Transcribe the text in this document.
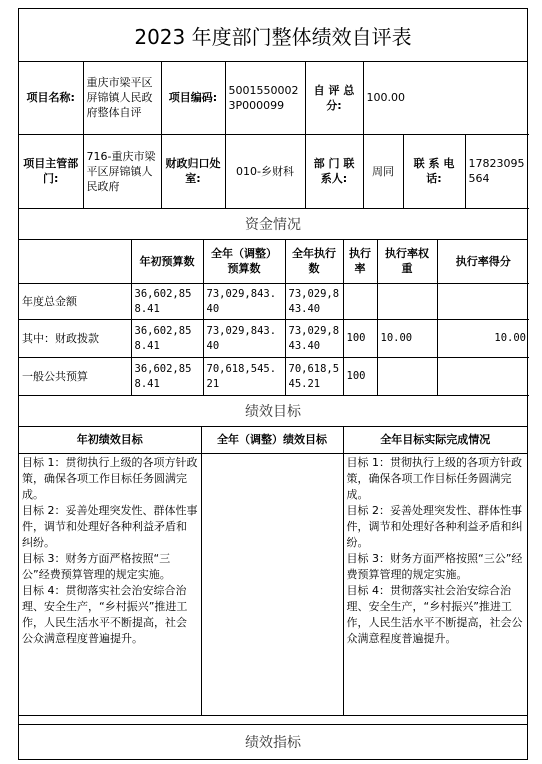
2023 年度部门整体绩效自评表
项目名称:	重庆市梁平区屏锦镇人民政府整体自评	项目编码:	50015500023P000099	自 评 总 分:	100.00		
项目主管部门:	716-重庆市梁平区屏锦镇人民政府	财政归口处室:	010-乡财科	部 门 联 系人:	周同	联 系 电 话:	17823095564
资金情况
	年初预算数	全年（调整）预算数	全年执行数	执行率	执行率权重	执行率得分
年度总金额	36,602,858.41	73,029,843.40	73,029,843.40			
其中：财政拨款	36,602,858.41	73,029,843.40	73,029,843.40	100	10.00	10.00
一般公共预算	36,602,858.41	70,618,545.21	70,618,545.21	100		
绩效目标
年初绩效目标	全年（调整）绩效目标	全年目标实际完成情况
目标 1：贯彻执行上级的各项方针政策，确保各项工作目标任务圆满完成。
目标 2：妥善处理突发性、群体性事件，调节和处理好各种利益矛盾和纠纷。
目标 3：财务方面严格按照“三公”经费预算管理的规定实施。
目标 4：贯彻落实社会治安综合治理、安全生产，“乡村振兴”推进工作，人民生活水平不断提高，社会公众满意程度普遍提升。		目标 1：贯彻执行上级的各项方针政策，确保各项工作目标任务圆满完成。
目标 2：妥善处理突发性、群体性事件，调节和处理好各种利益矛盾和纠纷。
目标 3：财务方面严格按照“三公”经费预算管理的规定实施。
目标 4：贯彻落实社会治安综合治理、安全生产，“乡村振兴”推进工作，人民生活水平不断提高，社会公众满意程度普遍提升。
绩效指标
